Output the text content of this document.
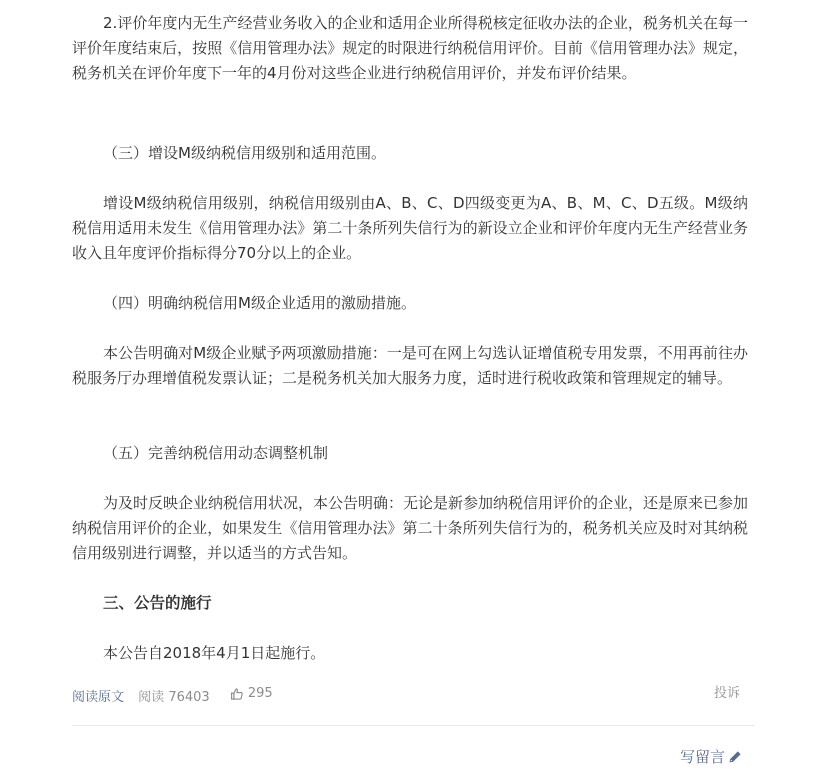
2.评价年度内无生产经营业务收入的企业和适用企业所得税核定征收办法的企业，税务机关在每一评价年度结束后，按照《信用管理办法》规定的时限进行纳税信用评价。目前《信用管理办法》规定，税务机关在评价年度下一年的4月份对这些企业进行纳税信用评价，并发布评价结果。

（三）增设M级纳税信用级别和适用范围。

增设M级纳税信用级别，纳税信用级别由A、B、C、D四级变更为A、B、M、C、D五级。M级纳税信用适用未发生《信用管理办法》第二十条所列失信行为的新设立企业和评价年度内无生产经营业务收入且年度评价指标得分70分以上的企业。

（四）明确纳税信用M级企业适用的激励措施。

本公告明确对M级企业赋予两项激励措施：一是可在网上勾选认证增值税专用发票，不用再前往办税服务厅办理增值税发票认证；二是税务机关加大服务力度，适时进行税收政策和管理规定的辅导。

（五）完善纳税信用动态调整机制

为及时反映企业纳税信用状况，本公告明确：无论是新参加纳税信用评价的企业，还是原来已参加纳税信用评价的企业，如果发生《信用管理办法》第二十条所列失信行为的，税务机关应及时对其纳税信用级别进行调整，并以适当的方式告知。

三、公告的施行

本公告自2018年4月1日起施行。

阅读原文 阅读 76403	295	投诉
写留言
